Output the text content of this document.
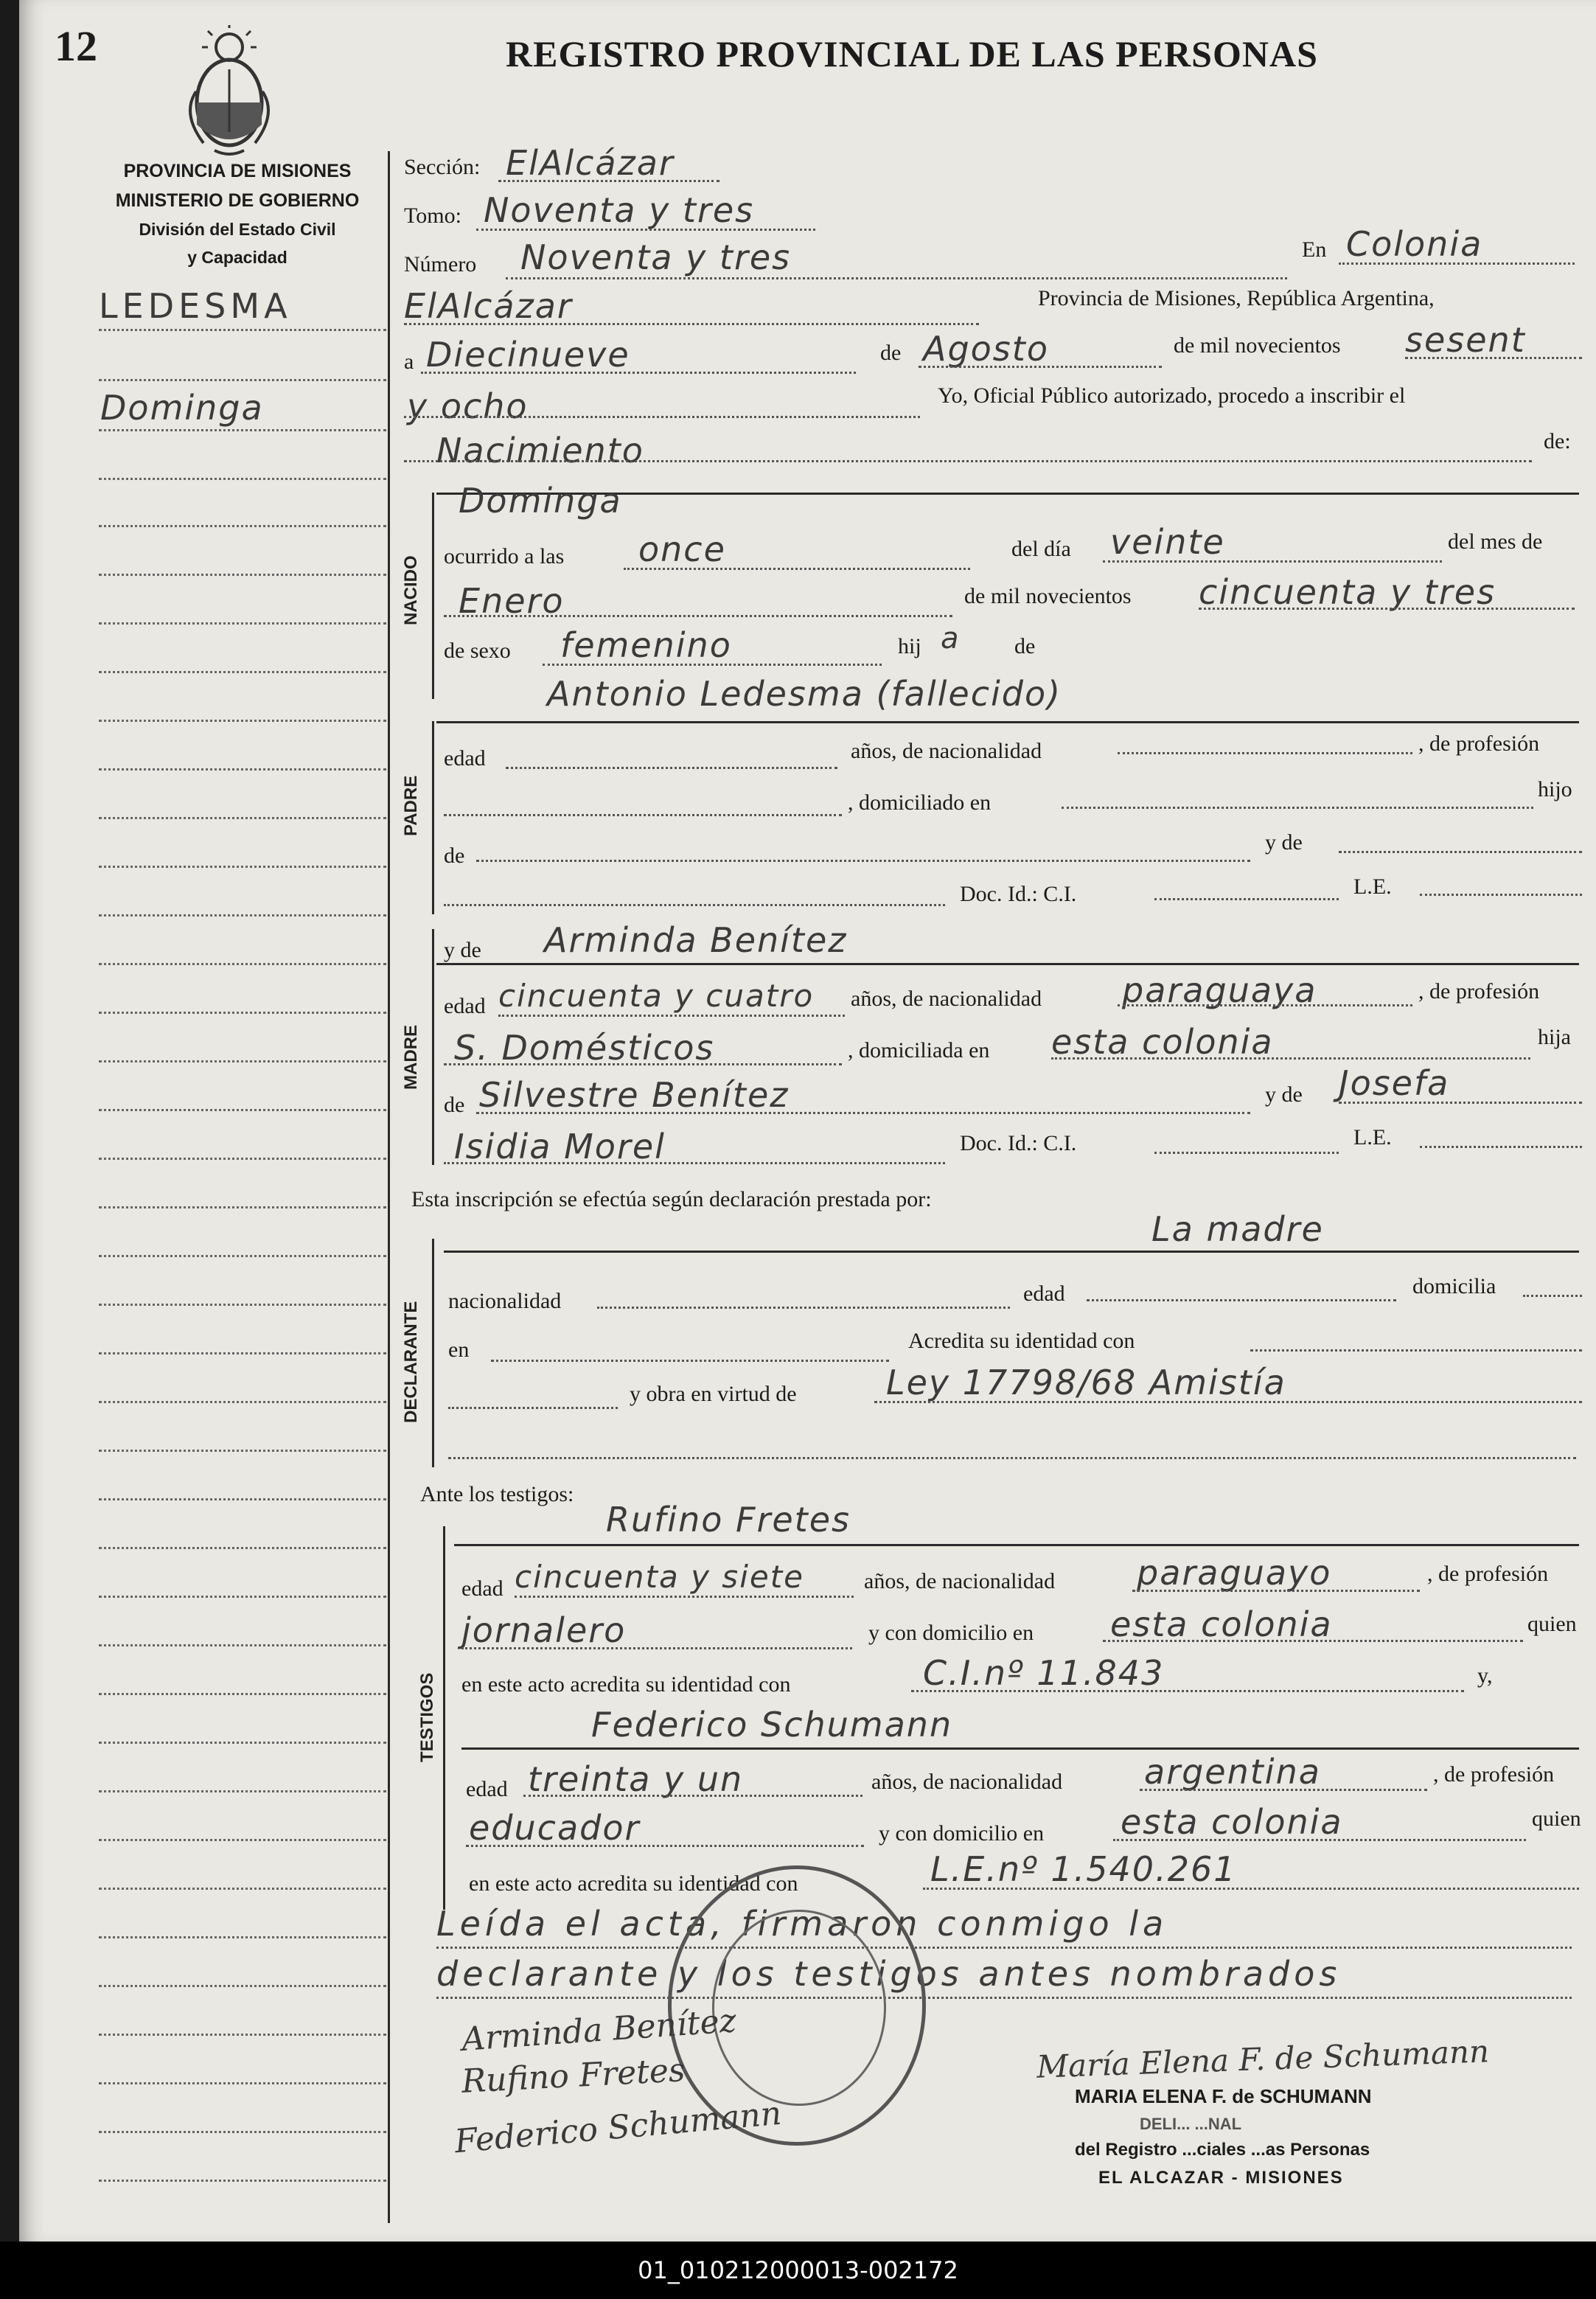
12	REGISTRO PROVINCIAL DE LAS PERSONAS
PROVINCIA DE MISIONES
MINISTERIO DE GOBIERNO
División del Estado Civil
y Capacidad
LEDESMA
Dominga
Sección: ElAlcázar
Tomo: Noventa y tres
Número Noventa y tres	En Colonia
ElAlcázar	Provincia de Misiones, República Argentina,
a Diecinueve	de Agosto	de mil novecientos sesent
y ocho	Yo, Oficial Público autorizado, procedo a inscribir el
Nacimiento	de:
NACIDO
Dominga
ocurrido a las once	del día veinte	del mes de
Enero	de mil novecientos cincuenta y tres
de sexo femenino	hij a de
Antonio Ledesma (fallecido)
PADRE
edad	años, de nacionalidad	, de profesión
, domiciliado en
hijo
de
y de
Doc. Id.: C.I.	L.E.
MADRE
y de Arminda Benítez
edad cincuenta y cuatro años, de nacionalidad paraguaya	, de profesión
S. Domésticos	, domiciliada en esta colonia	hija
de Silvestre Benítez	y de Josefa
Isidia Morel	Doc. Id.: C.I.	L.E.
Esta inscripción se efectúa según declaración prestada por:
La madre
DECLARANTE
nacionalidad	edad	domicilia
en	Acredita su identidad con
y obra en virtud de	Ley 17798/68 Amistía
Ante los testigos:
Rufino Fretes
TESTIGOS
edad cincuenta y siete	años, de nacionalidad paraguayo	, de profesión
jornalero	y con domicilio en esta colonia	quien
en este acto acredita su identidad con	C.I.nº 11.843	y,
Federico Schumann
edad treinta y un	años, de nacionalidad argentina	, de profesión
educador	y con domicilio en esta colonia	quien
en este acto acredita su identidad con	L.E.nº 1.540.261
Leída el acta, firmaron conmigo la
declarante y los testigos antes nombrados
Arminda Benítez
Rufino Fretes
Federico Schumann
María Elena F. de Schumann
MARIA ELENA F. de SCHUMANN
DELI... ...NAL
del Registro ...ciales ...as Personas
EL ALCAZAR - MISIONES
01_010212000013-002172
